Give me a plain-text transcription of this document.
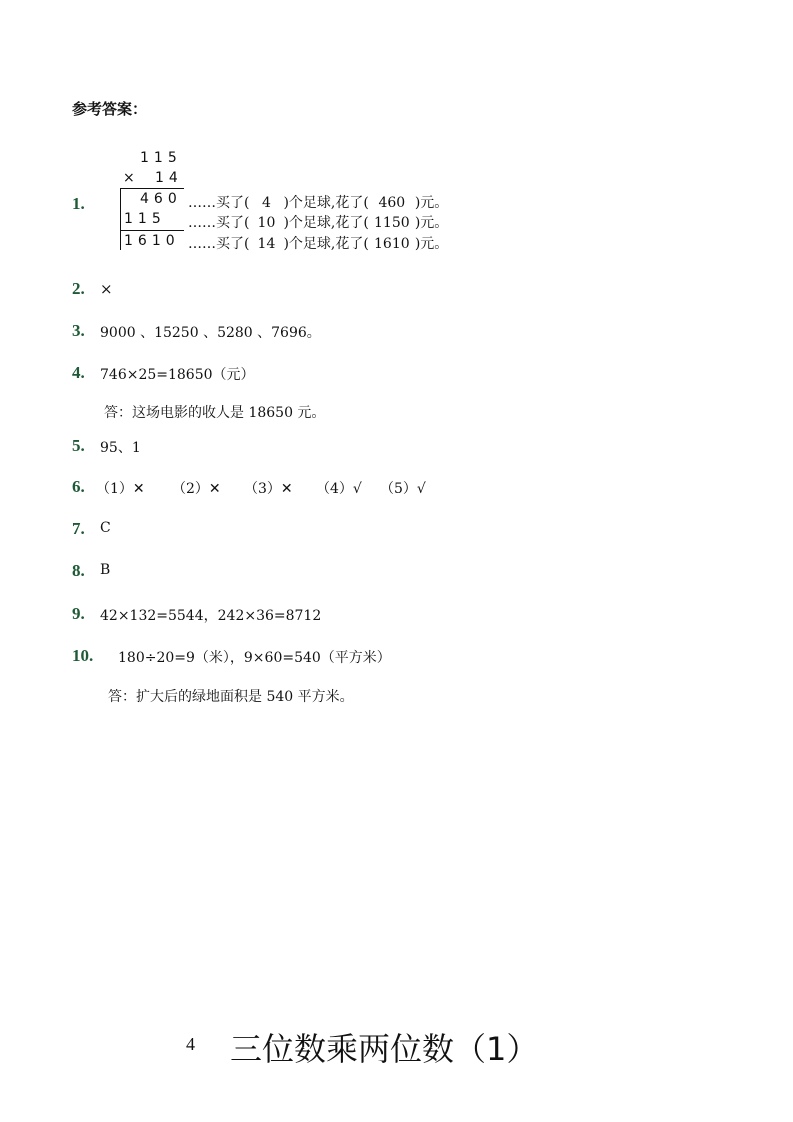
参考答案：
1.
115
× 14
460
115
1610
……买了( 4 )个足球,花了( 460 )元。
……买了( 10 )个足球,花了( 1150 )元。
……买了( 14 )个足球,花了( 1610 )元。
2. ×
3. 9000 、15250 、5280 、7696。
4. 746×25=18650（元）
答：这场电影的收人是 18650 元。
5. 95、1
6. （1）✕ （2）✕ （3）✕ （4）√ （5）√
7. C
8. B
9. 42×132=5544，242×36=8712
10. 180÷20=9（米），9×60=540（平方米）
答：扩大后的绿地面积是 540 平方米。
4 三位数乘两位数（1）
